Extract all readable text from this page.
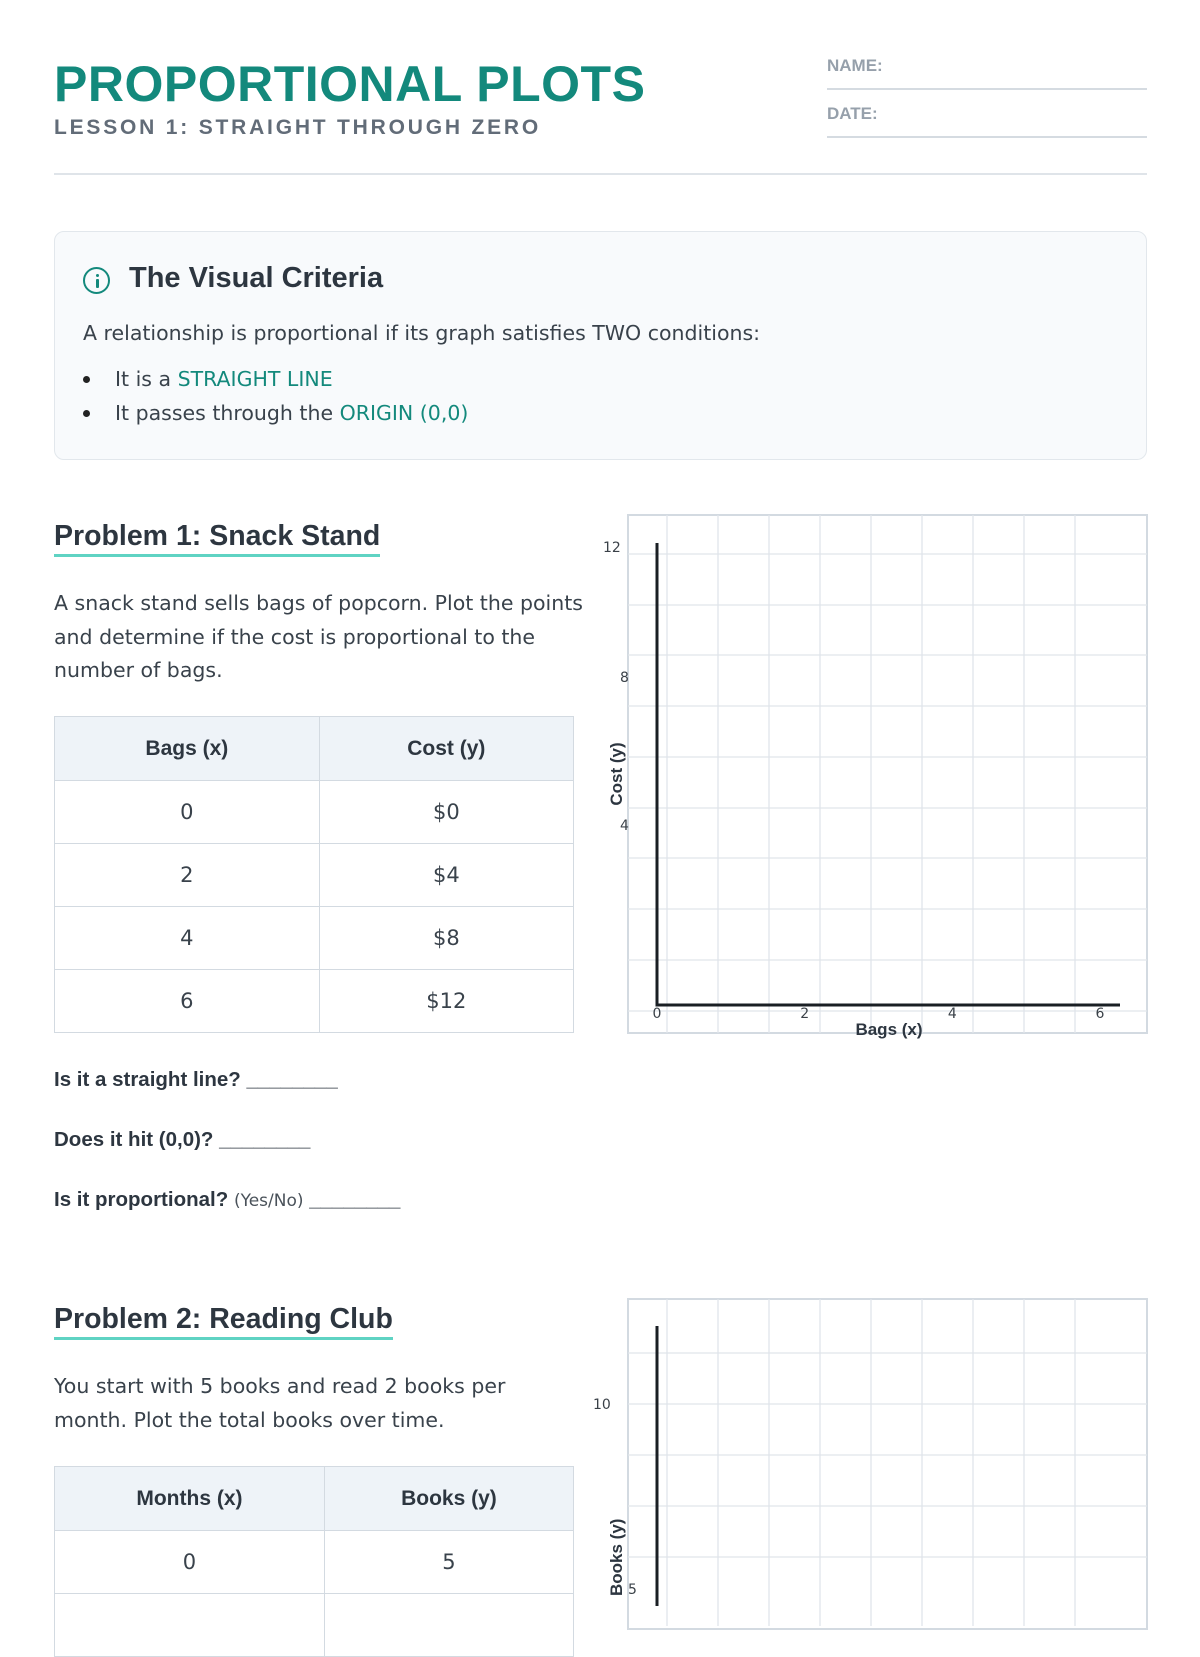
PROPORTIONAL PLOTS
LESSON 1: STRAIGHT THROUGH ZERO
NAME:
DATE:
The Visual Criteria
A relationship is proportional if its graph satisfies TWO conditions:
It is a STRAIGHT LINE
It passes through the ORIGIN (0,0)
Problem 1: Snack Stand
A snack stand sells bags of popcorn. Plot the points and determine if the cost is proportional to the number of bags.
Bags (x)	Cost (y)
0	$0
2	$4
4	$8
6	$12
Is it a straight line? ________
Does it hit (0,0)? ________
Is it proportional? (Yes/No) ________
0	2	4	6
4
8
12
Bags (x)
Cost (y)
Problem 2: Reading Club
You start with 5 books and read 2 books per month. Plot the total books over time.
Months (x)	Books (y)
0	5

10
5
Books (y)
